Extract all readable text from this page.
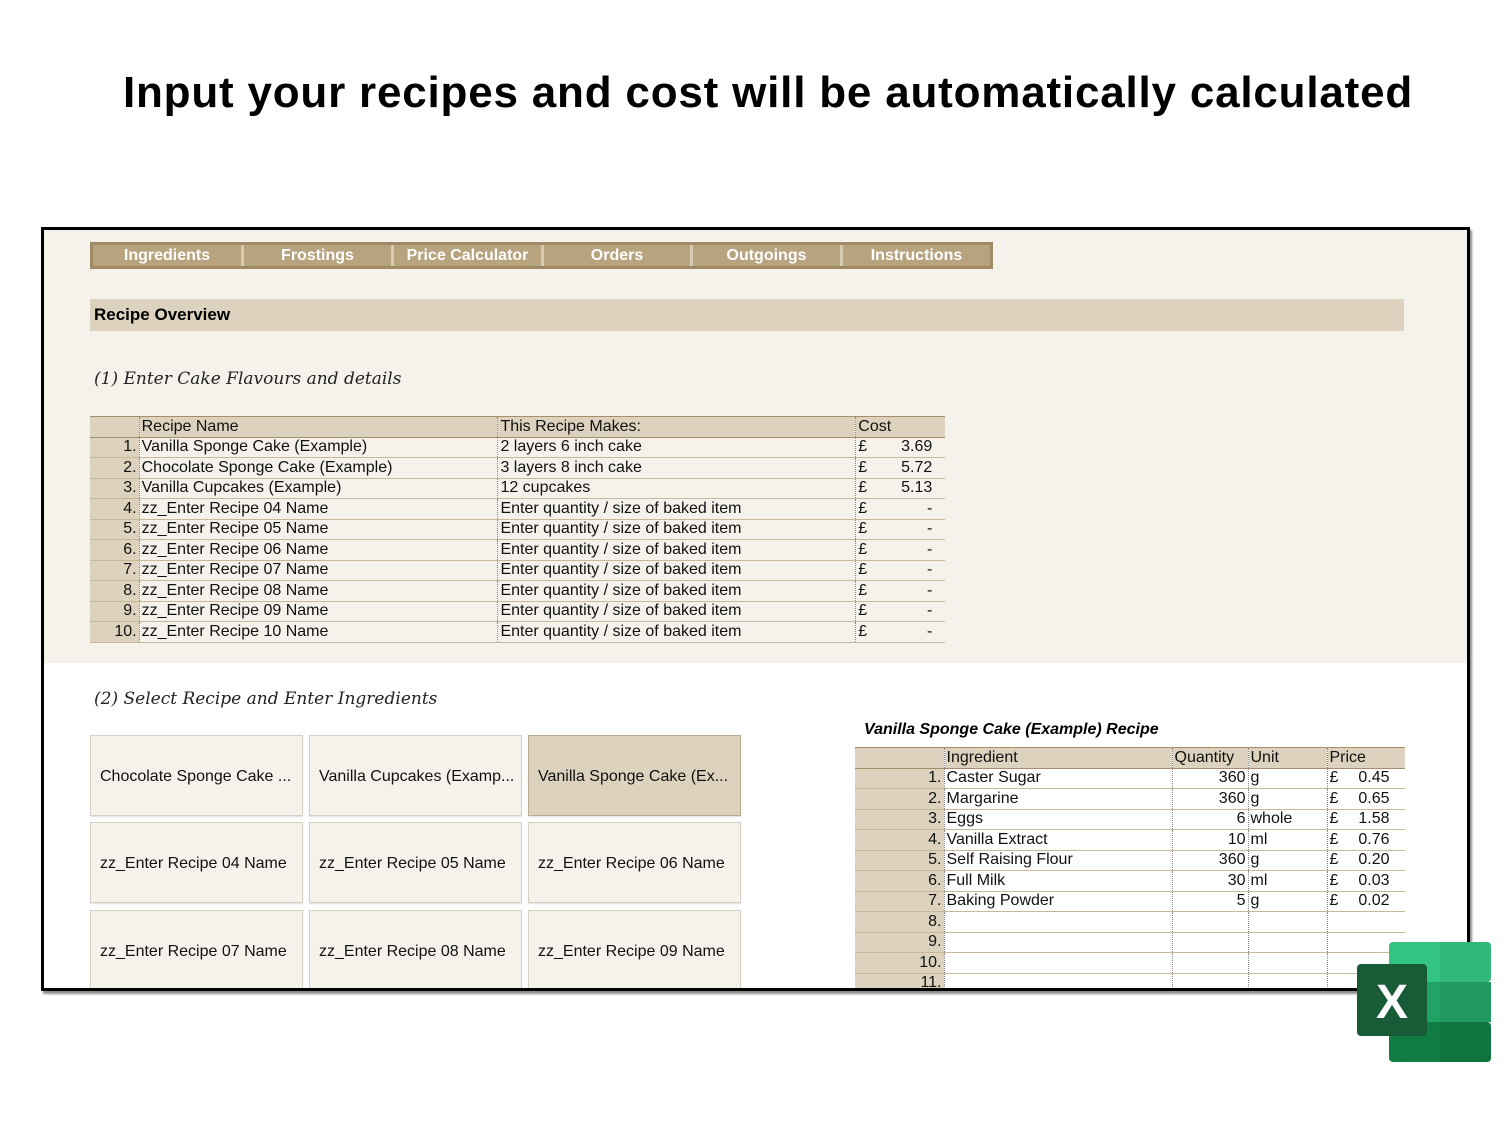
Input your recipes and cost will be automatically calculated
Ingredients	Frostings	Price Calculator	Orders	Outgoings	Instructions
Recipe Overview
(1) Enter Cake Flavours and details
	Recipe Name	This Recipe Makes:	Cost
1.	Vanilla Sponge Cake (Example)	2 layers 6 inch cake	£ 3.69
2.	Chocolate Sponge Cake (Example)	3 layers 8 inch cake	£ 5.72
3.	Vanilla Cupcakes (Example)	12 cupcakes	£ 5.13
4.	zz_Enter Recipe 04 Name	Enter quantity / size of baked item	£ -
5.	zz_Enter Recipe 05 Name	Enter quantity / size of baked item	£ -
6.	zz_Enter Recipe 06 Name	Enter quantity / size of baked item	£ -
7.	zz_Enter Recipe 07 Name	Enter quantity / size of baked item	£ -
8.	zz_Enter Recipe 08 Name	Enter quantity / size of baked item	£ -
9.	zz_Enter Recipe 09 Name	Enter quantity / size of baked item	£ -
10.	zz_Enter Recipe 10 Name	Enter quantity / size of baked item	£ -
(2) Select Recipe and Enter Ingredients
Chocolate Sponge Cake ...	Vanilla Cupcakes (Examp...	Vanilla Sponge Cake (Ex...
zz_Enter Recipe 04 Name	zz_Enter Recipe 05 Name	zz_Enter Recipe 06 Name
zz_Enter Recipe 07 Name	zz_Enter Recipe 08 Name	zz_Enter Recipe 09 Name
Vanilla Sponge Cake (Example) Recipe
	Ingredient	Quantity	Unit	Price
1.	Caster Sugar	360	g	£ 0.45
2.	Margarine	360	g	£ 0.65
3.	Eggs	6	whole	£ 1.58
4.	Vanilla Extract	10	ml	£ 0.76
5.	Self Raising Flour	360	g	£ 0.20
6.	Full Milk	30	ml	£ 0.03
7.	Baking Powder	5	g	£ 0.02
8.				
9.				
10.				
11.					X
